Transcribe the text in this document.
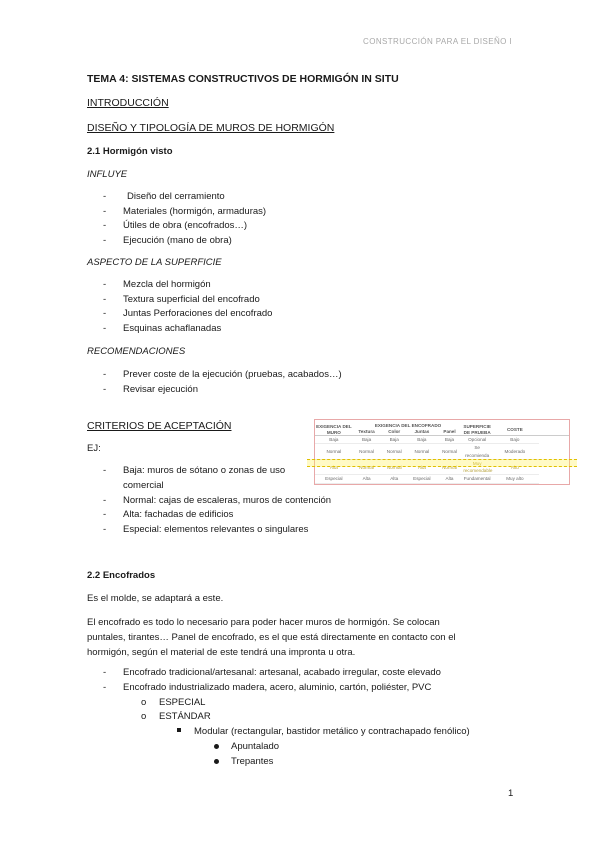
CONSTRUCCIÓN PARA EL DISEÑO I
TEMA 4: SISTEMAS CONSTRUCTIVOS DE HORMIGÓN IN SITU
INTRODUCCIÓN
DISEÑO Y TIPOLOGÍA DE MUROS DE HORMIGÓN
2.1 Hormigón visto
INFLUYE
- Diseño del cerramiento
- Materiales (hormigón, armaduras)
- Útiles de obra (encofrados…)
- Ejecución (mano de obra)
ASPECTO DE LA SUPERFICIE
- Mezcla del hormigón
- Textura superficial del encofrado
- Juntas Perforaciones del encofrado
- Esquinas achaflanadas
RECOMENDACIONES
- Prever coste de la ejecución (pruebas, acabados…)
- Revisar ejecución
CRITERIOS DE ACEPTACIÓN
EJ:
- Baja: muros de sótano o zonas de uso
comercial
- Normal: cajas de escaleras, muros de contención
- Alta: fachadas de edificios
- Especial: elementos relevantes o singulares
2.2 Encofrados
Es el molde, se adaptará a este.
El encofrado es todo lo necesario para poder hacer muros de hormigón. Se colocan
puntales, tirantes… Panel de encofrado, es el que está directamente en contacto con el
hormigón, según el material de este tendrá una impronta u otra.
- Encofrado tradicional/artesanal: artesanal, acabado irregular, coste elevado
- Encofrado industrializado madera, acero, aluminio, cartón, poliéster, PVC
o ESPECIAL
o ESTÁNDAR
Modular (rectangular, bastidor metálico y contrachapado fenólico)
Apuntalado
Trepantes
EXIGENCIA DEL MURO	EXIGENCIA DEL ENCOFRADO				SUPERFICIE DE PRUEBA	COSTE
	Textura	Color	Juntas	Panel		
Baja	Baja	Baja	Baja	Baja	Opcional	Bajo
Normal	Normal	Normal	Normal	Normal	Se recomienda	Moderado
Alta	Normal	Normal	Alta	Normal	Muy recomendable	Alto
Especial	Alta	Alta	Especial	Alta	Fundamental	Muy alto
1
